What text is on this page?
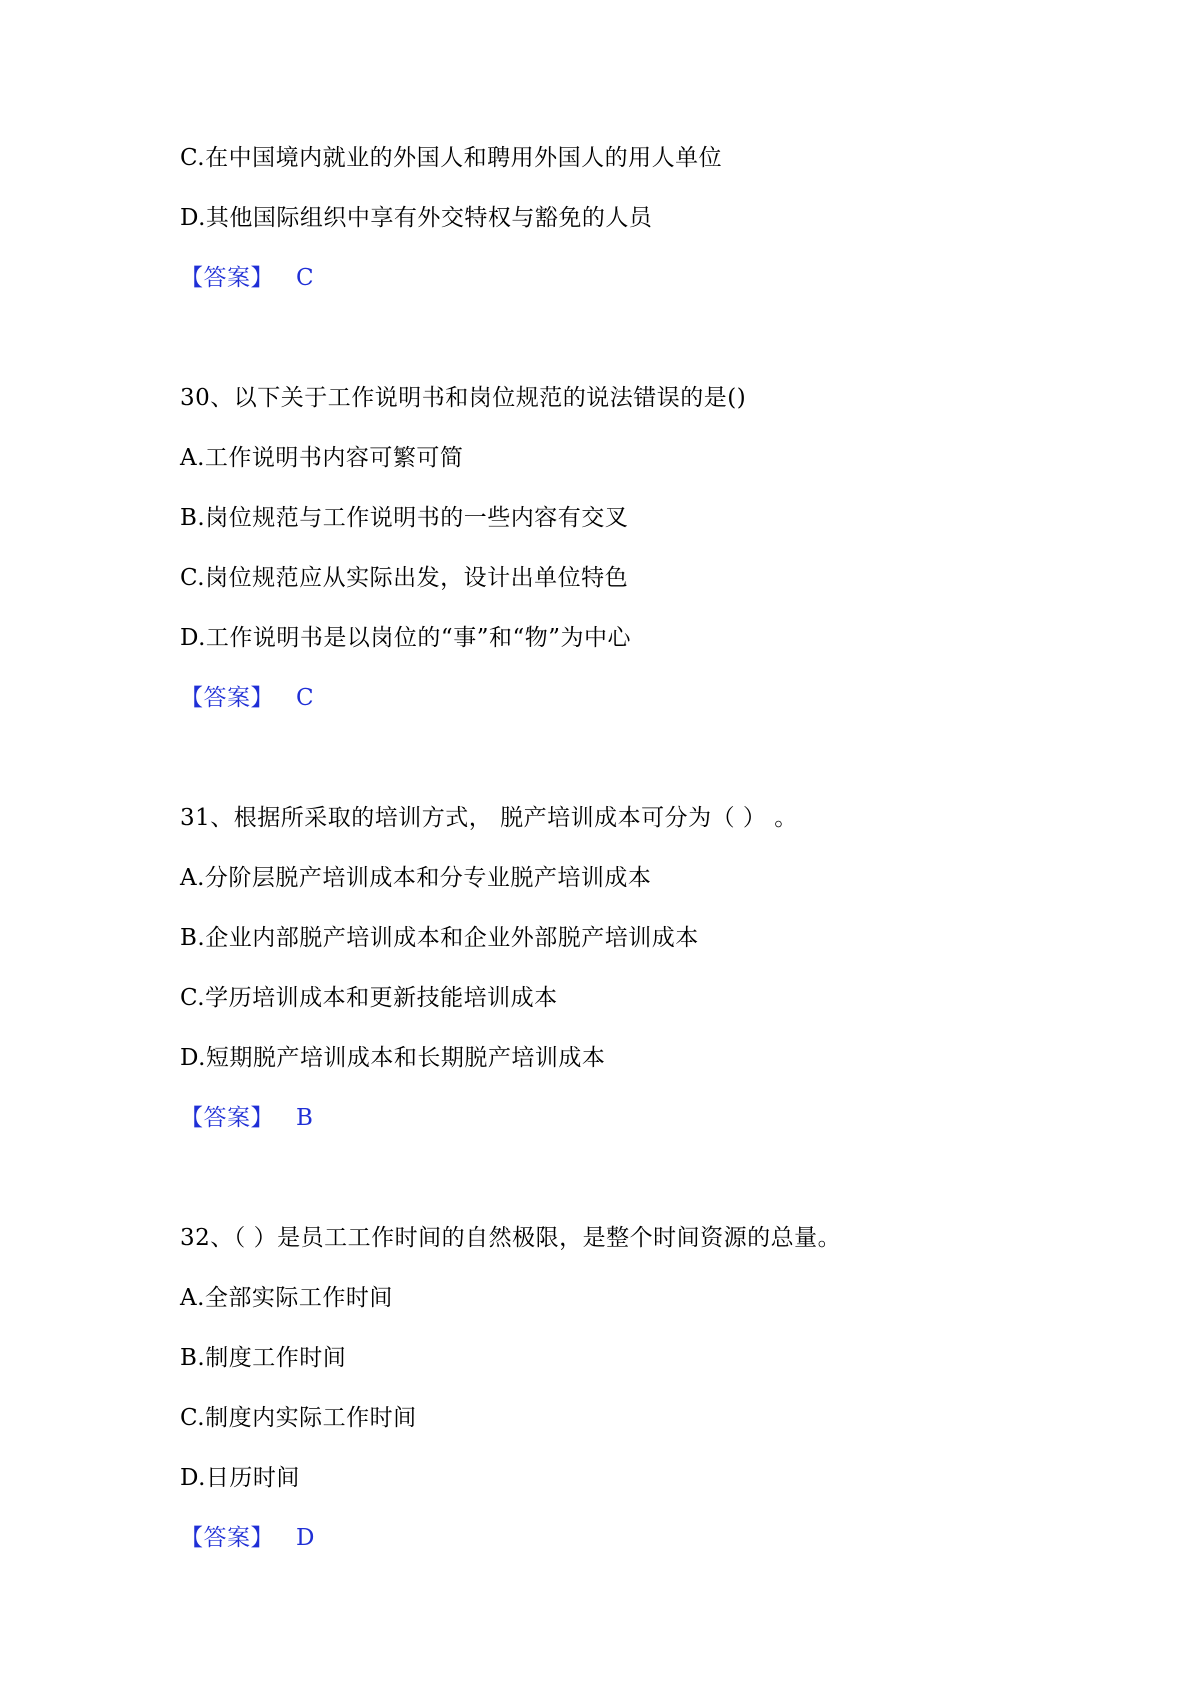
C.在中国境内就业的外国人和聘用外国人的用人单位
D.其他国际组织中享有外交特权与豁免的人员
【答案】 C
30、以下关于工作说明书和岗位规范的说法错误的是()
A.工作说明书内容可繁可简
B.岗位规范与工作说明书的一些内容有交叉
C.岗位规范应从实际出发，设计出单位特色
D.工作说明书是以岗位的“事”和“物”为中心
【答案】 C
31、根据所采取的培训方式， 脱产培训成本可分为（ ） 。
A.分阶层脱产培训成本和分专业脱产培训成本
B.企业内部脱产培训成本和企业外部脱产培训成本
C.学历培训成本和更新技能培训成本
D.短期脱产培训成本和长期脱产培训成本
【答案】 B
32、（ ）是员工工作时间的自然极限，是整个时间资源的总量。
A.全部实际工作时间
B.制度工作时间
C.制度内实际工作时间
D.日历时间
【答案】 D
